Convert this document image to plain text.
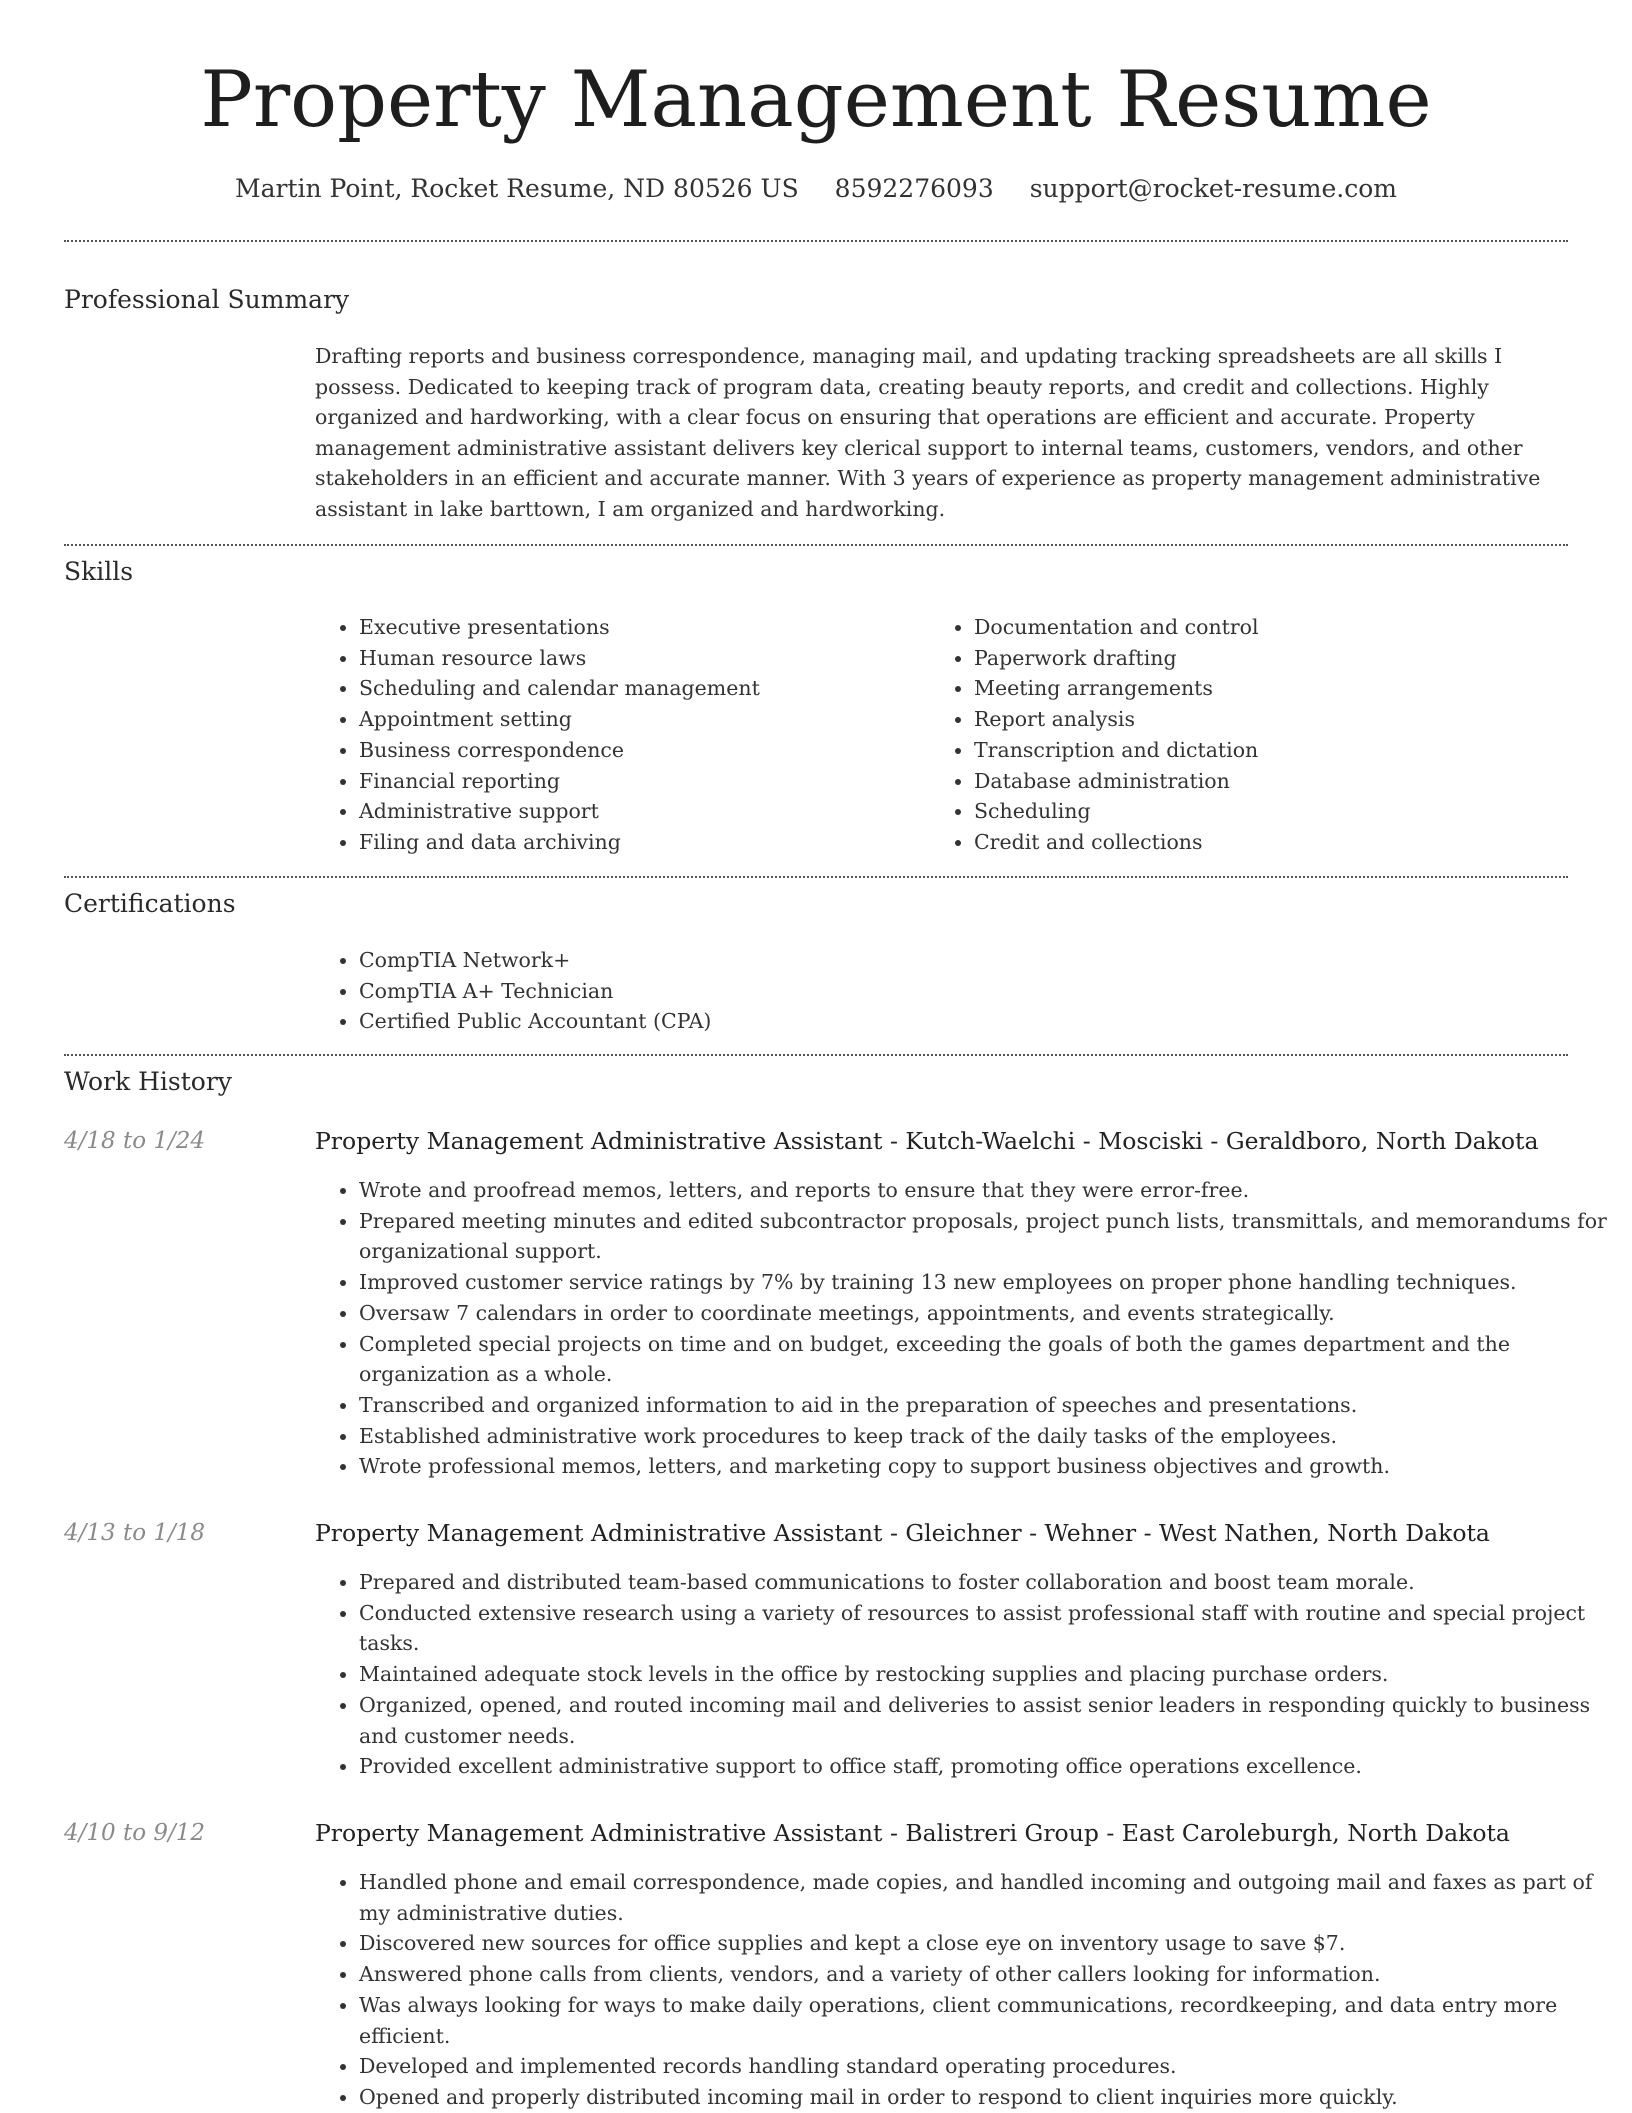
Property Management Resume
Martin Point, Rocket Resume, ND 80526 US 8592276093 support@rocket-resume.com
Professional Summary

Drafting reports and business correspondence, managing mail, and updating tracking spreadsheets are all skills I possess. Dedicated to keeping track of program data, creating beauty reports, and credit and collections. Highly organized and hardworking, with a clear focus on ensuring that operations are efficient and accurate. Property management administrative assistant delivers key clerical support to internal teams, customers, vendors, and other stakeholders in an efficient and accurate manner. With 3 years of experience as property management administrative assistant in lake barttown, I am organized and hardworking.

Skills
• Executive presentations
• Human resource laws
• Scheduling and calendar management
• Appointment setting
• Business correspondence
• Financial reporting
• Administrative support
• Filing and data archiving
• Documentation and control
• Paperwork drafting
• Meeting arrangements
• Report analysis
• Transcription and dictation
• Database administration
• Scheduling
• Credit and collections
Certifications
• CompTIA Network+
• CompTIA A+ Technician
• Certified Public Accountant (CPA)
Work History
4/18 to 1/24	Property Management Administrative Assistant - Kutch-Waelchi - Mosciski - Geraldboro, North Dakota
• Wrote and proofread memos, letters, and reports to ensure that they were error-free.
• Prepared meeting minutes and edited subcontractor proposals, project punch lists, transmittals, and memorandums for organizational support.
• Improved customer service ratings by 7% by training 13 new employees on proper phone handling techniques.
• Oversaw 7 calendars in order to coordinate meetings, appointments, and events strategically.
• Completed special projects on time and on budget, exceeding the goals of both the games department and the organization as a whole.
• Transcribed and organized information to aid in the preparation of speeches and presentations.
• Established administrative work procedures to keep track of the daily tasks of the employees.
• Wrote professional memos, letters, and marketing copy to support business objectives and growth.
4/13 to 1/18	Property Management Administrative Assistant - Gleichner - Wehner - West Nathen, North Dakota
• Prepared and distributed team-based communications to foster collaboration and boost team morale.
• Conducted extensive research using a variety of resources to assist professional staff with routine and special project tasks.
• Maintained adequate stock levels in the office by restocking supplies and placing purchase orders.
• Organized, opened, and routed incoming mail and deliveries to assist senior leaders in responding quickly to business and customer needs.
• Provided excellent administrative support to office staff, promoting office operations excellence.
4/10 to 9/12	Property Management Administrative Assistant - Balistreri Group - East Caroleburgh, North Dakota
• Handled phone and email correspondence, made copies, and handled incoming and outgoing mail and faxes as part of my administrative duties.
• Discovered new sources for office supplies and kept a close eye on inventory usage to save $7.
• Answered phone calls from clients, vendors, and a variety of other callers looking for information.
• Was always looking for ways to make daily operations, client communications, recordkeeping, and data entry more efficient.
• Developed and implemented records handling standard operating procedures.
• Opened and properly distributed incoming mail in order to respond to client inquiries more quickly.
